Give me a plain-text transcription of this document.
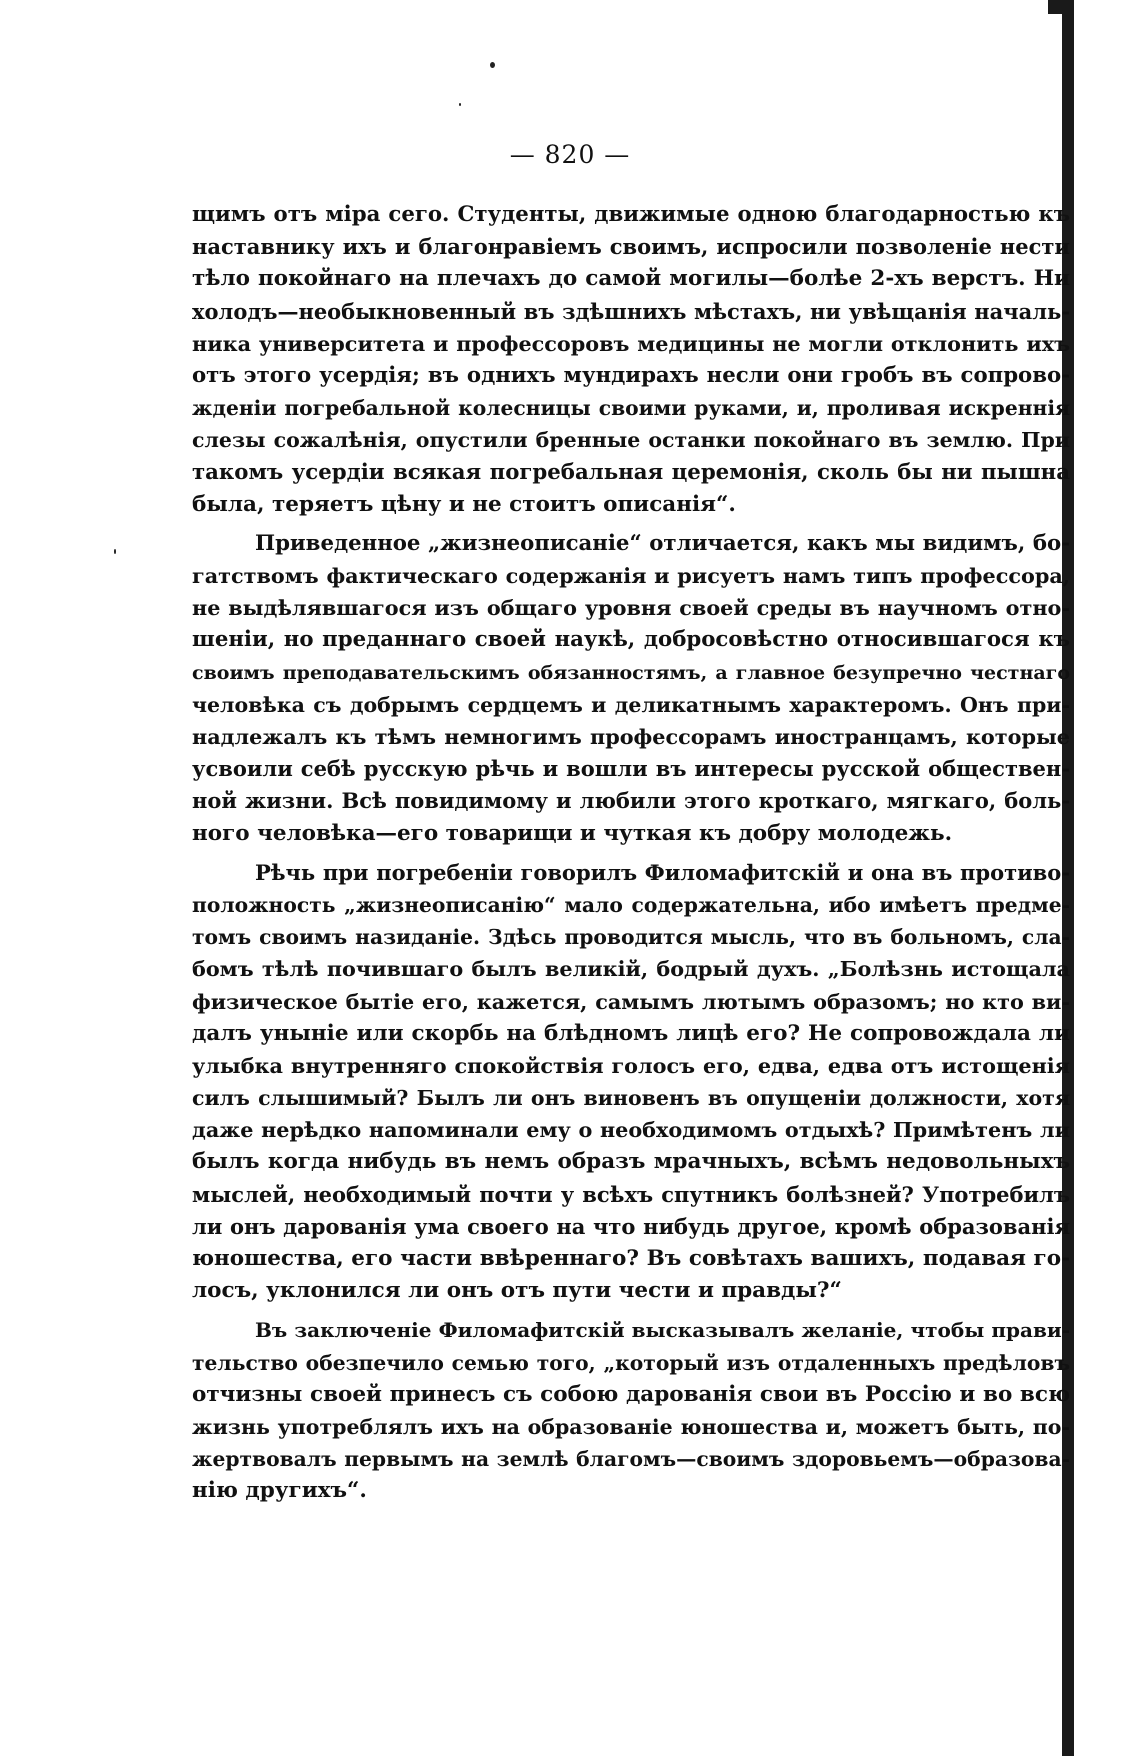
— 820 —
щимъ отъ міра сего. Студенты, движимые одною благодарностью къ
наставнику ихъ и благонравіемъ своимъ, испросили позволеніе нести
тѣло покойнаго на плечахъ до самой могилы—болѣе 2-хъ верстъ. Ни
холодъ—необыкновенный въ здѣшнихъ мѣстахъ, ни увѣщанія началь-
ника университета и профессоровъ медицины не могли отклонить ихъ
отъ этого усердія; въ однихъ мундирахъ несли они гробъ въ сопрово-
жденіи погребальной колесницы своими руками, и, проливая искреннія
слезы сожалѣнія, опустили бренные останки покойнаго въ землю. При
такомъ усердіи всякая погребальная церемонія, сколь бы ни пышна
была, теряетъ цѣну и не стоитъ описанія“.
Приведенное „жизнеописаніе“ отличается, какъ мы видимъ, бо-
гатствомъ фактическаго содержанія и рисуетъ намъ типъ профессора,
не выдѣлявшагося изъ общаго уровня своей среды въ научномъ отно-
шеніи, но преданнаго своей наукѣ, добросовѣстно относившагося къ
своимъ преподавательскимъ обязанностямъ, а главное безупречно честнаго
человѣка съ добрымъ сердцемъ и деликатнымъ характеромъ. Онъ при-
надлежалъ къ тѣмъ немногимъ профессорамъ иностранцамъ, которые
усвоили себѣ русскую рѣчь и вошли въ интересы русской обществен-
ной жизни. Всѣ повидимому и любили этого кроткаго, мягкаго, боль-
ного человѣка—его товарищи и чуткая къ добру молодежь.
Рѣчь при погребеніи говорилъ Филомафитскій и она въ противо-
положность „жизнеописанію“ мало содержательна, ибо имѣетъ предме-
томъ своимъ назиданіе. Здѣсь проводится мысль, что въ больномъ, сла-
бомъ тѣлѣ почившаго былъ великій, бодрый духъ. „Болѣзнь истощала
физическое бытіе его, кажется, самымъ лютымъ образомъ; но кто ви-
далъ уныніе или скорбь на блѣдномъ лицѣ его? Не сопровождала ли
улыбка внутренняго спокойствія голосъ его, едва, едва отъ истощенія
силъ слышимый? Былъ ли онъ виновенъ въ опущеніи должности, хотя
даже нерѣдко напоминали ему о необходимомъ отдыхѣ? Примѣтенъ ли
былъ когда нибудь въ немъ образъ мрачныхъ, всѣмъ недовольныхъ
мыслей, необходимый почти у всѣхъ спутникъ болѣзней? Употребилъ
ли онъ дарованія ума своего на что нибудь другое, кромѣ образованія
юношества, его части ввѣреннаго? Въ совѣтахъ вашихъ, подавая го-
лосъ, уклонился ли онъ отъ пути чести и правды?“
Въ заключеніе Филомафитскій высказывалъ желаніе, чтобы прави-
тельство обезпечило семью того, „который изъ отдаленныхъ предѣловъ
отчизны своей принесъ съ собою дарованія свои въ Россію и во всю
жизнь употреблялъ ихъ на образованіе юношества и, можетъ быть, по-
жертвовалъ первымъ на землѣ благомъ—своимъ здоровьемъ—образова-
нію другихъ“.
